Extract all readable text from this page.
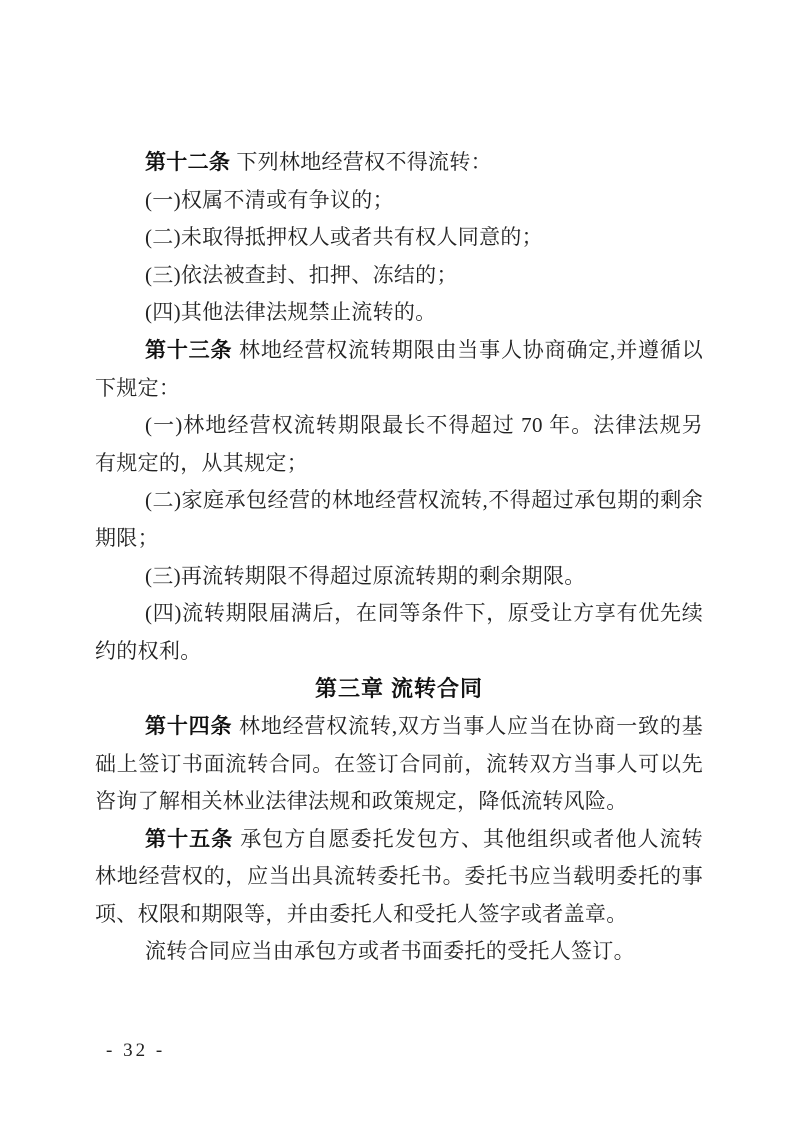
第十二条 下列林地经营权不得流转：

(一)权属不清或有争议的；

(二)未取得抵押权人或者共有权人同意的；

(三)依法被查封、扣押、冻结的；

(四)其他法律法规禁止流转的。

第十三条 林地经营权流转期限由当事人协商确定,并遵循以下规定：

(一)林地经营权流转期限最长不得超过 70 年。法律法规另有规定的，从其规定；

(二)家庭承包经营的林地经营权流转,不得超过承包期的剩余期限；

(三)再流转期限不得超过原流转期的剩余期限。

(四)流转期限届满后，在同等条件下，原受让方享有优先续约的权利。

第三章 流转合同

第十四条 林地经营权流转,双方当事人应当在协商一致的基础上签订书面流转合同。在签订合同前，流转双方当事人可以先咨询了解相关林业法律法规和政策规定，降低流转风险。

第十五条 承包方自愿委托发包方、其他组织或者他人流转林地经营权的，应当出具流转委托书。委托书应当载明委托的事项、权限和期限等，并由委托人和受托人签字或者盖章。

流转合同应当由承包方或者书面委托的受托人签订。

- 32 -
